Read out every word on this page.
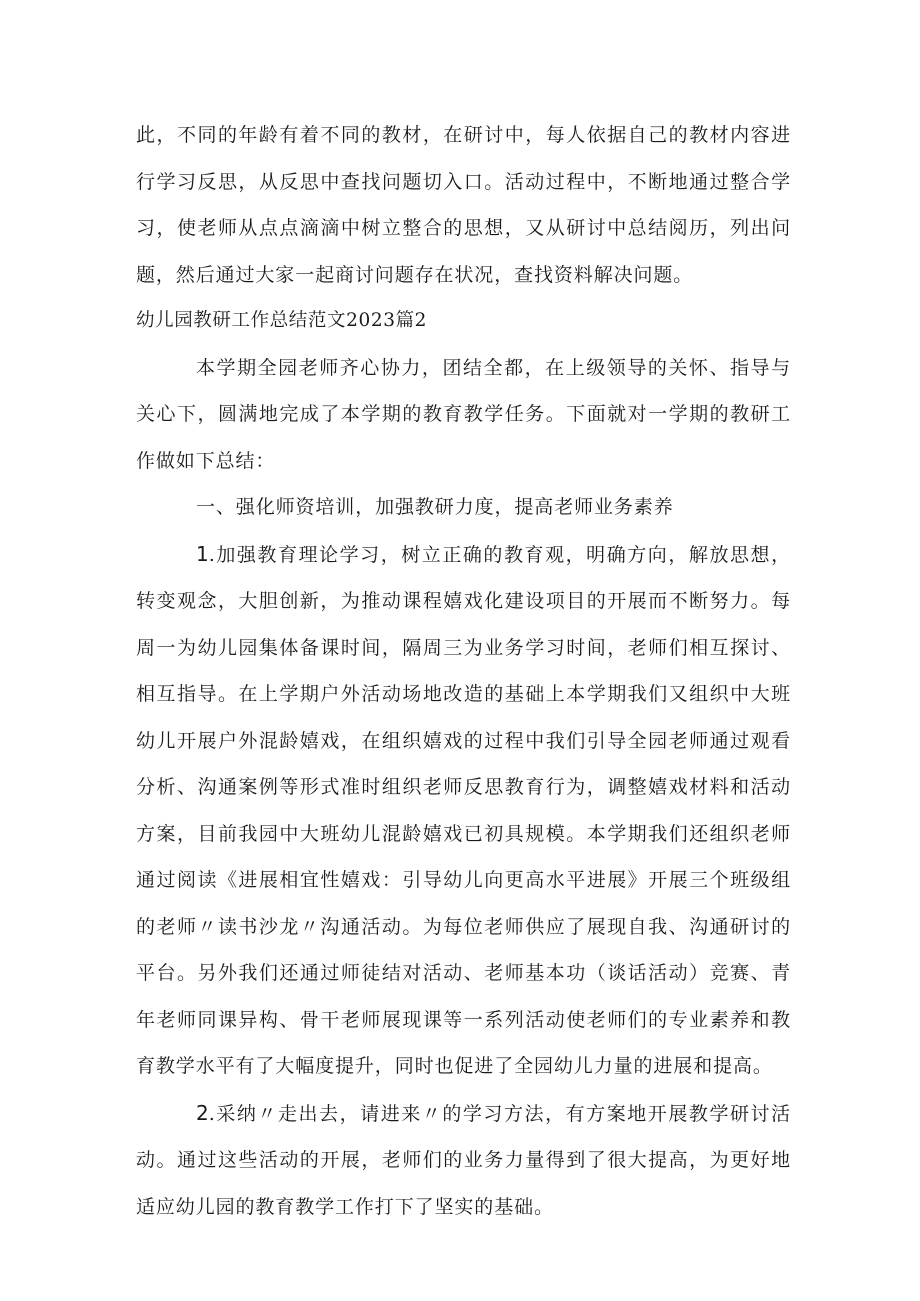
此，不同的年龄有着不同的教材，在研讨中，每人依据自己的教材内容进行学习反思，从反思中查找问题切入口。活动过程中，不断地通过整合学习，使老师从点点滴滴中树立整合的思想，又从研讨中总结阅历，列出问题，然后通过大家一起商讨问题存在状况，查找资料解决问题。

幼儿园教研工作总结范文2023篇2

本学期全园老师齐心协力，团结全都，在上级领导的关怀、指导与关心下，圆满地完成了本学期的教育教学任务。下面就对一学期的教研工作做如下总结：

一、强化师资培训，加强教研力度，提高老师业务素养

1.加强教育理论学习，树立正确的教育观，明确方向，解放思想，转变观念，大胆创新，为推动课程嬉戏化建设项目的开展而不断努力。每周一为幼儿园集体备课时间，隔周三为业务学习时间，老师们相互探讨、相互指导。在上学期户外活动场地改造的基础上本学期我们又组织中大班幼儿开展户外混龄嬉戏，在组织嬉戏的过程中我们引导全园老师通过观看分析、沟通案例等形式准时组织老师反思教育行为，调整嬉戏材料和活动方案，目前我园中大班幼儿混龄嬉戏已初具规模。本学期我们还组织老师通过阅读《进展相宜性嬉戏：引导幼儿向更高水平进展》开展三个班级组的老师〃读书沙龙〃沟通活动。为每位老师供应了展现自我、沟通研讨的平台。另外我们还通过师徒结对活动、老师基本功（谈话活动）竞赛、青年老师同课异构、骨干老师展现课等一系列活动使老师们的专业素养和教育教学水平有了大幅度提升，同时也促进了全园幼儿力量的进展和提高。

2.采纳〃走出去，请进来〃的学习方法，有方案地开展教学研讨活动。通过这些活动的开展，老师们的业务力量得到了很大提高，为更好地适应幼儿园的教育教学工作打下了坚实的基础。
